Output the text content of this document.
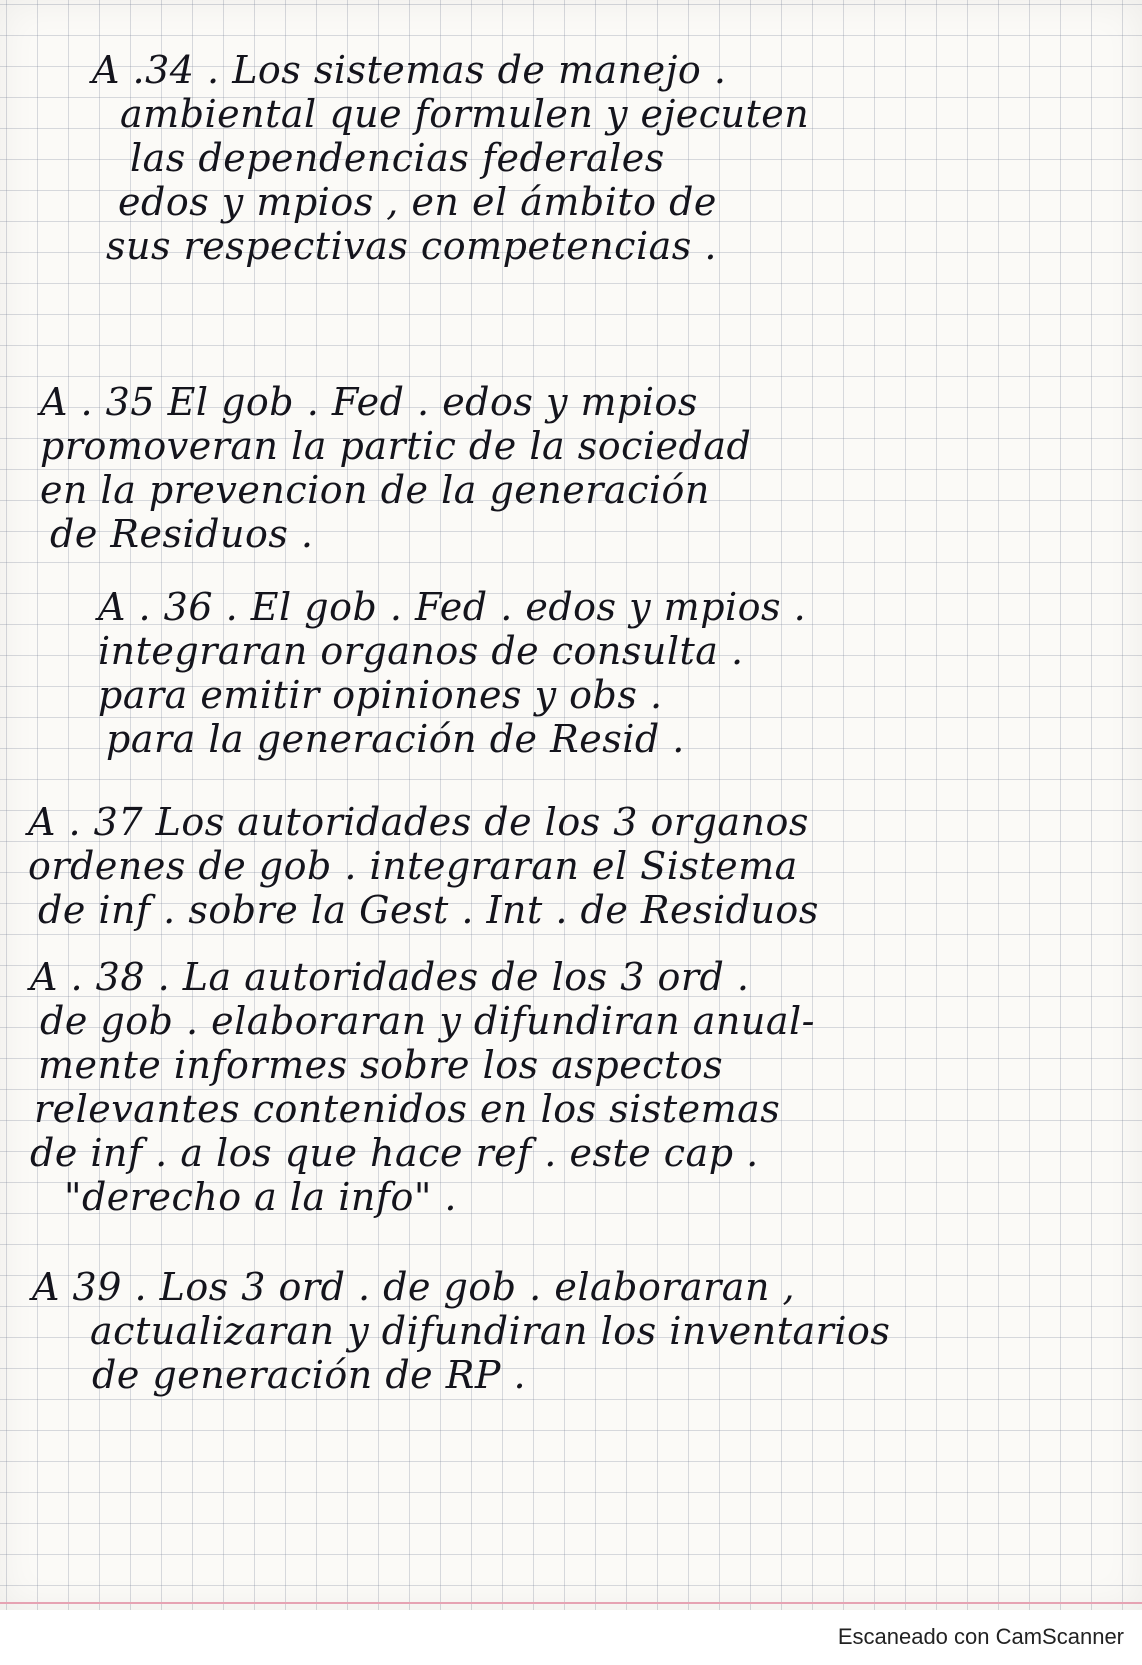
A .34 . Los sistemas de manejo .
ambiental que formulen y ejecuten
las dependencias federales
edos y mpios , en el ámbito de
sus respectivas competencias .
A . 35 El gob . Fed . edos y mpios
promoveran la partic de la sociedad
en la prevencion de la generación
de Residuos .
A . 36 . El gob . Fed . edos y mpios .
integraran organos de consulta .
para emitir opiniones y obs .
para la generación de Resid .
A . 37 Los autoridades de los 3 organos
ordenes de gob . integraran el Sistema
de inf . sobre la Gest . Int . de Residuos
A . 38 . La autoridades de los 3 ord .
de gob . elaboraran y difundiran anual-
mente informes sobre los aspectos
relevantes contenidos en los sistemas
de inf . a los que hace ref . este cap .
"derecho a la info" .
A 39 . Los 3 ord . de gob . elaboraran ,
actualizaran y difundiran los inventarios
de generación de RP .
Escaneado con CamScanner
